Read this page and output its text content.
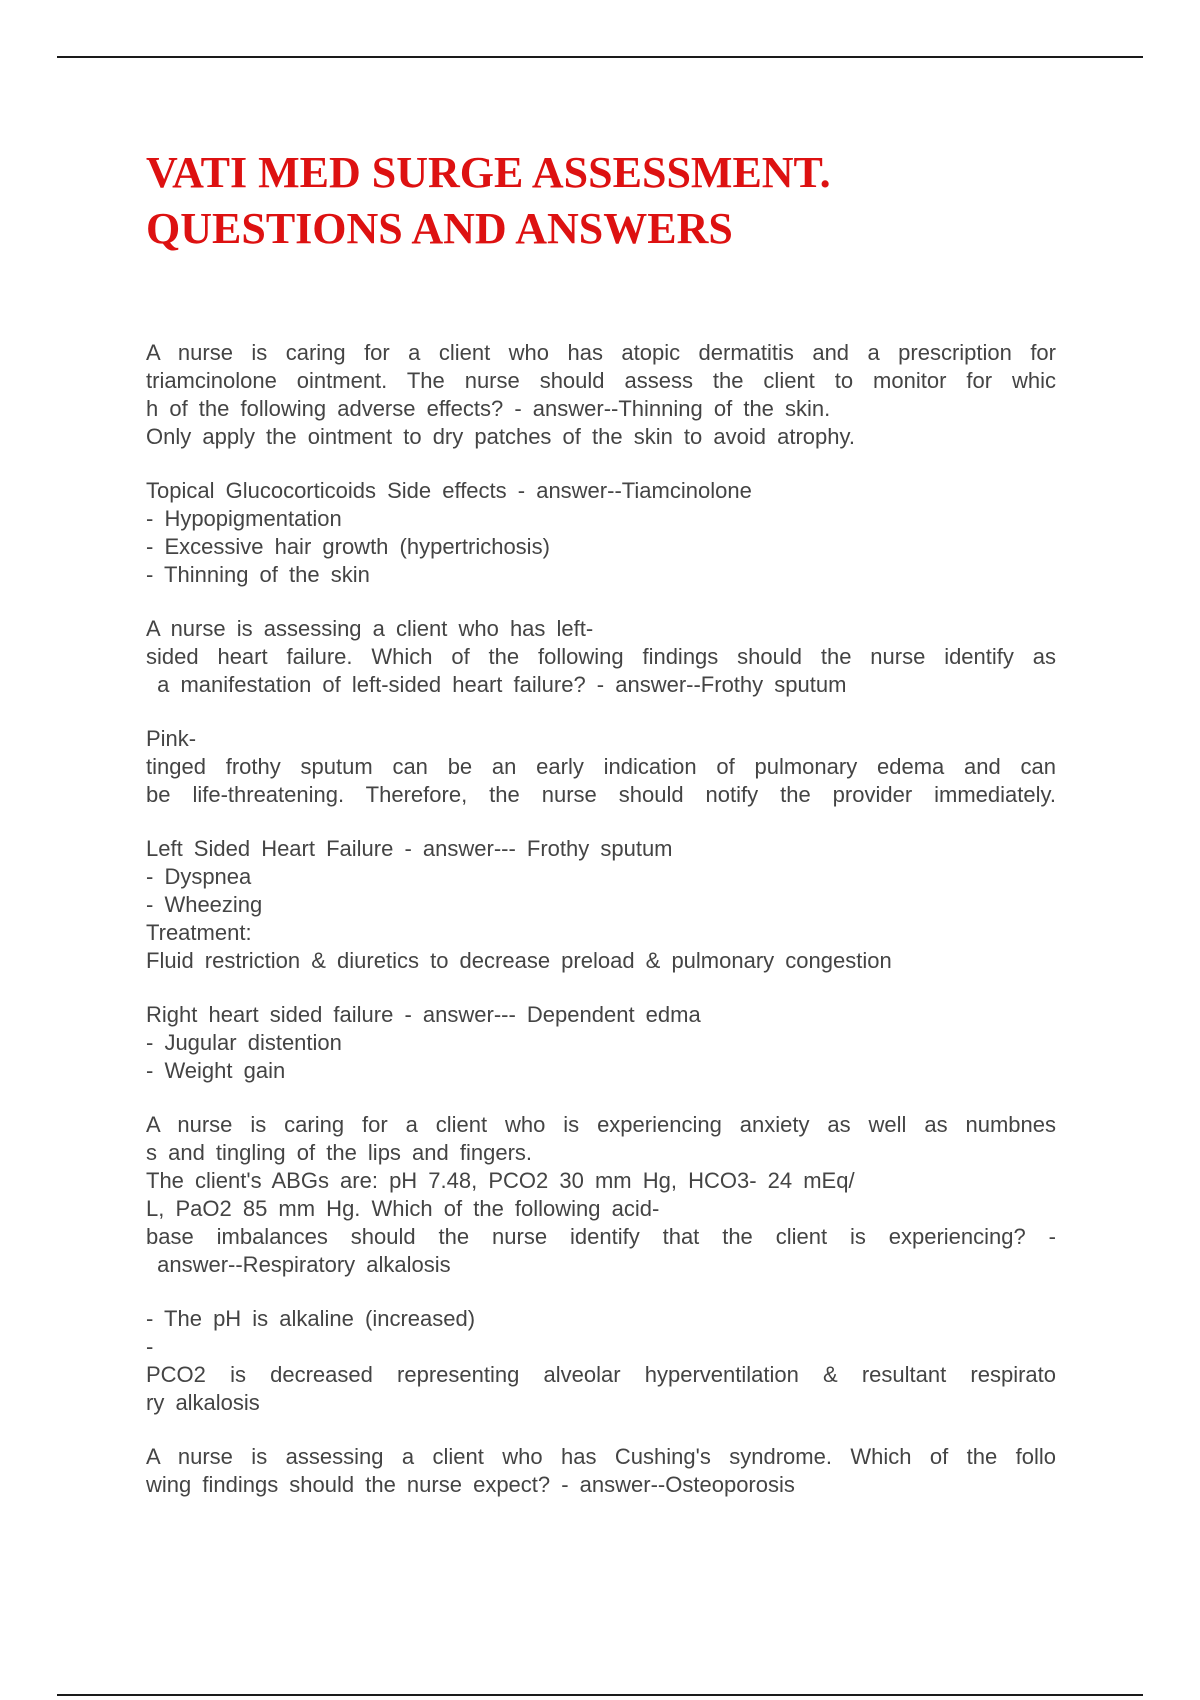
VATI MED SURGE ASSESSMENT.
QUESTIONS AND ANSWERS
A nurse is caring for a client who has atopic dermatitis and a prescription for
triamcinolone ointment. The nurse should assess the client to monitor for whic
h of the following adverse effects? - answer--Thinning of the skin.
Only apply the ointment to dry patches of the skin to avoid atrophy.
Topical Glucocorticoids Side effects - answer--Tiamcinolone
- Hypopigmentation
- Excessive hair growth (hypertrichosis)
- Thinning of the skin
A nurse is assessing a client who has left-
sided heart failure. Which of the following findings should the nurse identify as
a manifestation of left-sided heart failure? - answer--Frothy sputum
Pink-
tinged frothy sputum can be an early indication of pulmonary edema and can
be life-threatening. Therefore, the nurse should notify the provider immediately.
Left Sided Heart Failure - answer--- Frothy sputum
- Dyspnea
- Wheezing
Treatment:
Fluid restriction & diuretics to decrease preload & pulmonary congestion
Right heart sided failure - answer--- Dependent edma
- Jugular distention
- Weight gain
A nurse is caring for a client who is experiencing anxiety as well as numbnes
s and tingling of the lips and fingers.
The client's ABGs are: pH 7.48, PCO2 30 mm Hg, HCO3- 24 mEq/
L, PaO2 85 mm Hg. Which of the following acid-
base imbalances should the nurse identify that the client is experiencing? -
answer--Respiratory alkalosis
- The pH is alkaline (increased)
-
PCO2 is decreased representing alveolar hyperventilation & resultant respirato
ry alkalosis
A nurse is assessing a client who has Cushing's syndrome. Which of the follo
wing findings should the nurse expect? - answer--Osteoporosis
